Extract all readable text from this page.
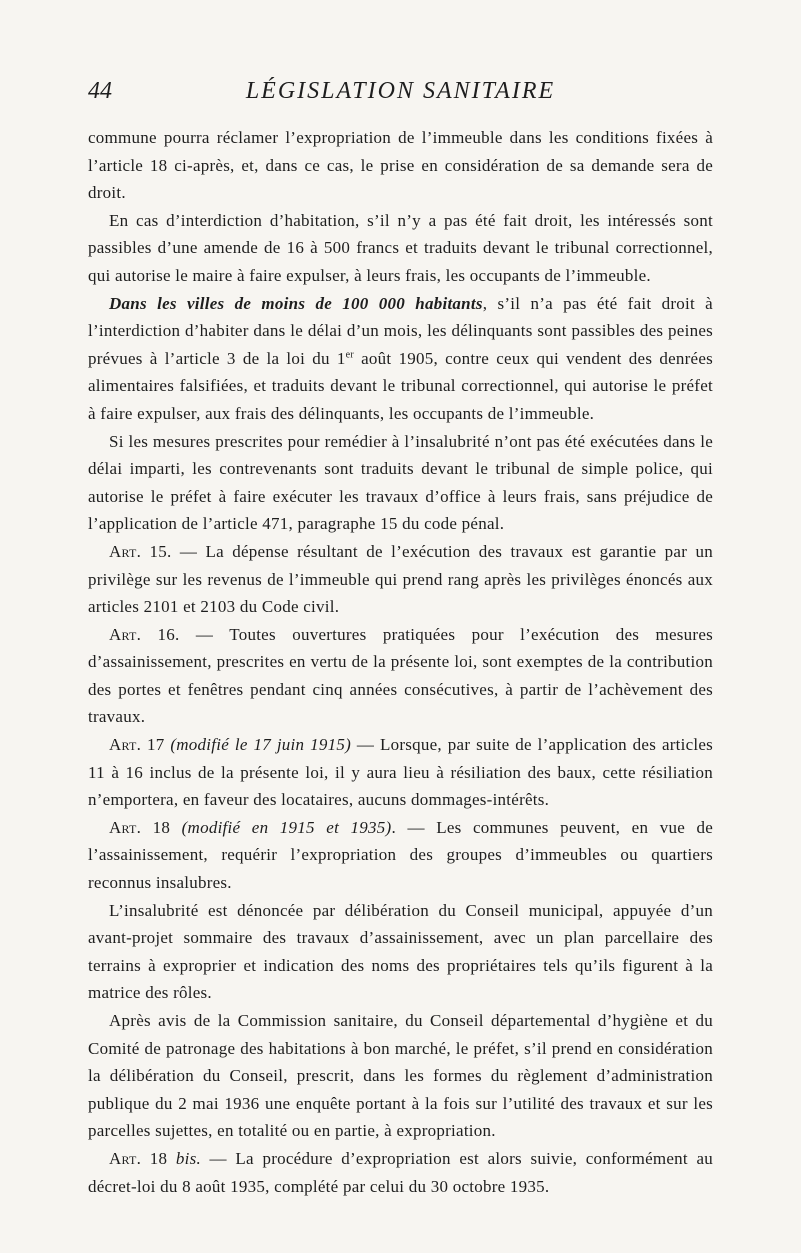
44	LÉGISLATION SANITAIRE

commune pourra réclamer l’expropriation de l’immeuble dans les conditions fixées à l’article 18 ci-après, et, dans ce cas, le prise en considération de sa demande sera de droit.

En cas d’interdiction d’habitation, s’il n’y a pas été fait droit, les intéressés sont passibles d’une amende de 16 à 500 francs et traduits devant le tribunal correctionnel, qui autorise le maire à faire expulser, à leurs frais, les occupants de l’immeuble.

Dans les villes de moins de 100 000 habitants, s’il n’a pas été fait droit à l’interdiction d’habiter dans le délai d’un mois, les délinquants sont passibles des peines prévues à l’article 3 de la loi du 1er août 1905, contre ceux qui vendent des denrées alimentaires falsifiées, et traduits devant le tribunal correctionnel, qui autorise le préfet à faire expulser, aux frais des délinquants, les occupants de l’immeuble.

Si les mesures prescrites pour remédier à l’insalubrité n’ont pas été exécutées dans le délai imparti, les contrevenants sont traduits devant le tribunal de simple police, qui autorise le préfet à faire exécuter les travaux d’office à leurs frais, sans préjudice de l’application de l’article 471, paragraphe 15 du code pénal.

Art. 15. — La dépense résultant de l’exécution des travaux est garantie par un privilège sur les revenus de l’immeuble qui prend rang après les privilèges énoncés aux articles 2101 et 2103 du Code civil.

Art. 16. — Toutes ouvertures pratiquées pour l’exécution des mesures d’assainissement, prescrites en vertu de la présente loi, sont exemptes de la contribution des portes et fenêtres pendant cinq années consécutives, à partir de l’achèvement des travaux.

Art. 17 (modifié le 17 juin 1915) — Lorsque, par suite de l’application des articles 11 à 16 inclus de la présente loi, il y aura lieu à résiliation des baux, cette résiliation n’emportera, en faveur des locataires, aucuns dommages-intérêts.

Art. 18 (modifié en 1915 et 1935). — Les communes peuvent, en vue de l’assainissement, requérir l’expropriation des groupes d’immeubles ou quartiers reconnus insalubres.

L’insalubrité est dénoncée par délibération du Conseil municipal, appuyée d’un avant-projet sommaire des travaux d’assainissement, avec un plan parcellaire des terrains à exproprier et indication des noms des propriétaires tels qu’ils figurent à la matrice des rôles.

Après avis de la Commission sanitaire, du Conseil départemental d’hygiène et du Comité de patronage des habitations à bon marché, le préfet, s’il prend en considération la délibération du Conseil, prescrit, dans les formes du règlement d’administration publique du 2 mai 1936 une enquête portant à la fois sur l’utilité des travaux et sur les parcelles sujettes, en totalité ou en partie, à expropriation.

Art. 18 bis. — La procédure d’expropriation est alors suivie, conformément au décret-loi du 8 août 1935, complété par celui du 30 octobre 1935.
